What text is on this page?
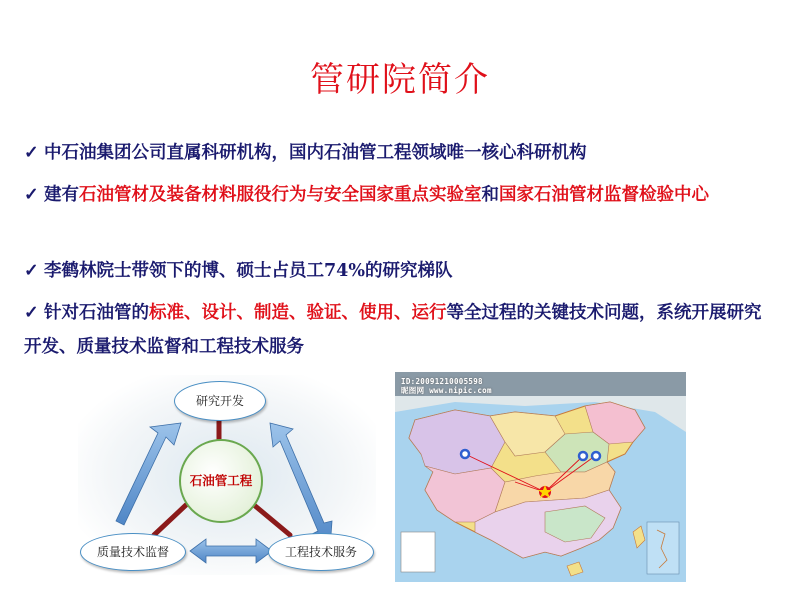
管研院简介
✓ 中石油集团公司直属科研机构，国内石油管工程领域唯一核心科研机构
✓ 建有石油管材及装备材料服役行为与安全国家重点实验室和国家石油管材监督检验中心
✓ 李鹤林院士带领下的博、硕士占员工74%的研究梯队
✓ 针对石油管的标准、设计、制造、验证、使用、运行等全过程的关键技术问题，系统开展研究开发、质量技术监督和工程技术服务
石油管工程
研究开发
质量技术监督	工程技术服务
ID:20091210005598
昵图网 www.nipic.com
